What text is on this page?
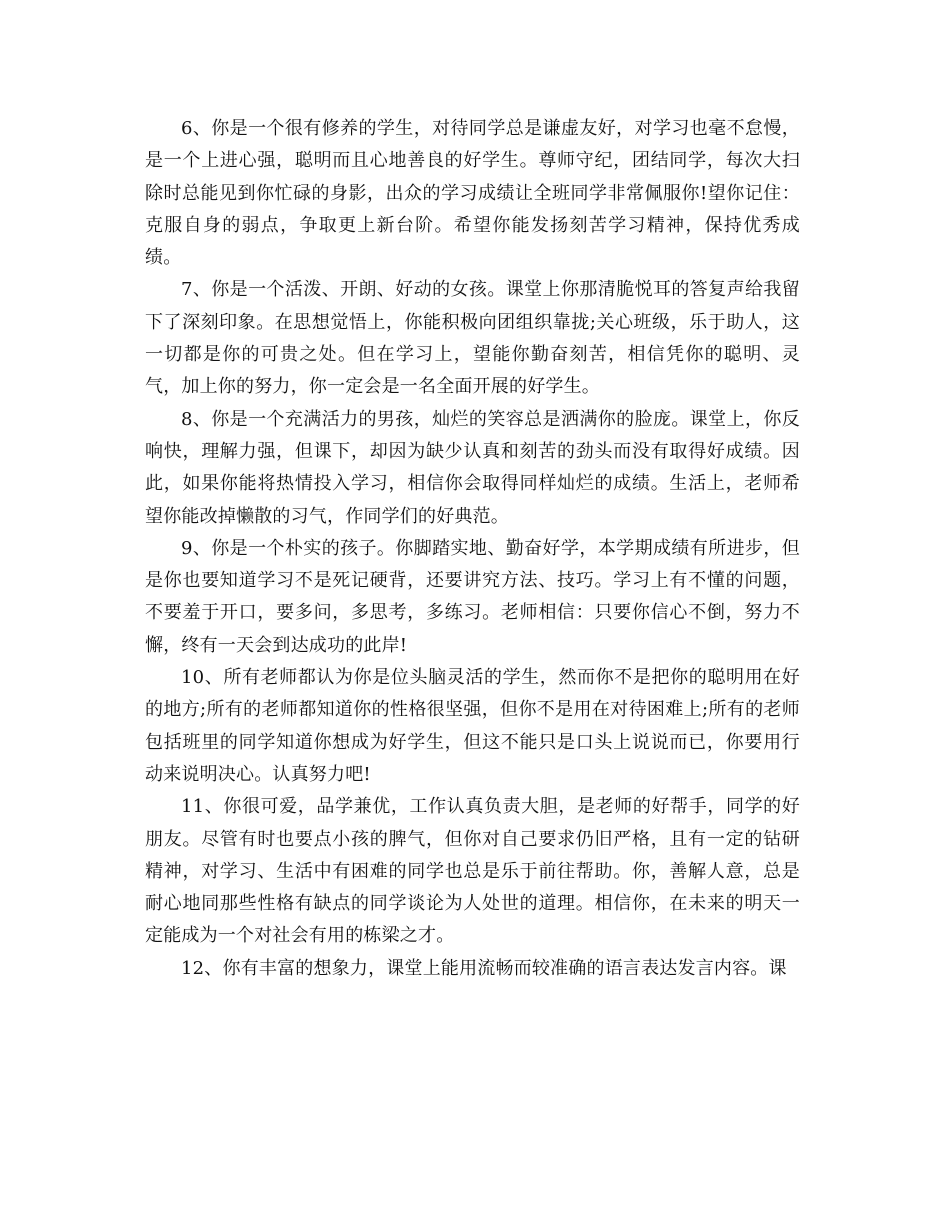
6、你是一个很有修养的学生，对待同学总是谦虚友好，对学习也毫不怠慢，是一个上进心强，聪明而且心地善良的好学生。尊师守纪，团结同学，每次大扫除时总能见到你忙碌的身影，出众的学习成绩让全班同学非常佩服你!望你记住：克服自身的弱点，争取更上新台阶。希望你能发扬刻苦学习精神，保持优秀成绩。

7、你是一个活泼、开朗、好动的女孩。课堂上你那清脆悦耳的答复声给我留下了深刻印象。在思想觉悟上，你能积极向团组织靠拢;关心班级，乐于助人，这一切都是你的可贵之处。但在学习上，望能你勤奋刻苦，相信凭你的聪明、灵气，加上你的努力，你一定会是一名全面开展的好学生。

8、你是一个充满活力的男孩，灿烂的笑容总是洒满你的脸庞。课堂上，你反响快，理解力强，但课下，却因为缺少认真和刻苦的劲头而没有取得好成绩。因此，如果你能将热情投入学习，相信你会取得同样灿烂的成绩。生活上，老师希望你能改掉懒散的习气，作同学们的好典范。

9、你是一个朴实的孩子。你脚踏实地、勤奋好学，本学期成绩有所进步，但是你也要知道学习不是死记硬背，还要讲究方法、技巧。学习上有不懂的问题，不要羞于开口，要多问，多思考，多练习。老师相信：只要你信心不倒，努力不懈，终有一天会到达成功的此岸!

10、所有老师都认为你是位头脑灵活的学生，然而你不是把你的聪明用在好的地方;所有的老师都知道你的性格很坚强，但你不是用在对待困难上;所有的老师包括班里的同学知道你想成为好学生，但这不能只是口头上说说而已，你要用行动来说明决心。认真努力吧!

11、你很可爱，品学兼优，工作认真负责大胆，是老师的好帮手，同学的好朋友。尽管有时也要点小孩的脾气，但你对自己要求仍旧严格，且有一定的钻研精神，对学习、生活中有困难的同学也总是乐于前往帮助。你，善解人意，总是耐心地同那些性格有缺点的同学谈论为人处世的道理。相信你，在未来的明天一定能成为一个对社会有用的栋梁之才。

12、你有丰富的想象力，课堂上能用流畅而较准确的语言表达发言内容。课
